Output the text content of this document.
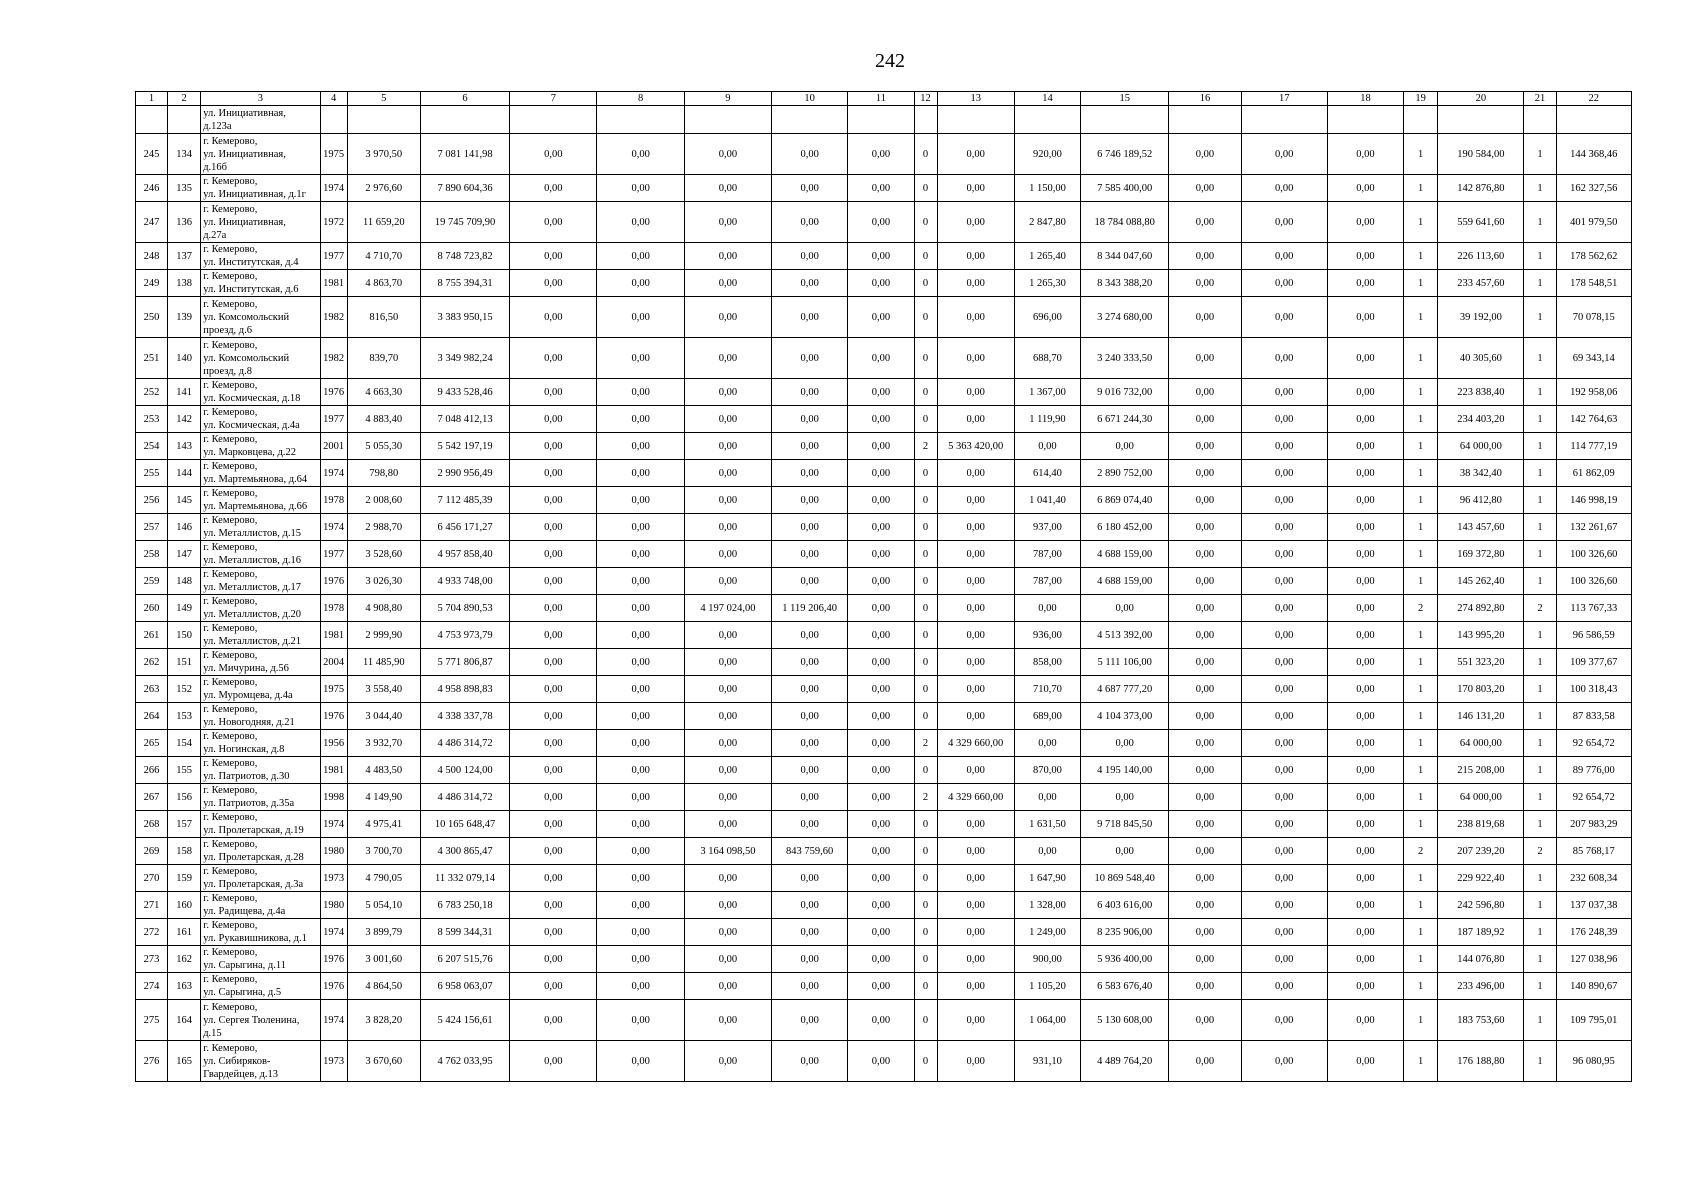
242
1	2	3	4	5	6	7	8	9	10	11	12	13	14	15	16	17	18	19	20	21	22
		ул. Инициативная,
д.123а																			
245	134	г. Кемерово,
ул. Инициативная,
д.16б	1975	3 970,50	7 081 141,98	0,00	0,00	0,00	0,00	0,00	0	0,00	920,00	6 746 189,52	0,00	0,00	0,00	1	190 584,00	1	144 368,46
246	135	г. Кемерово,
ул. Инициативная, д.1г	1974	2 976,60	7 890 604,36	0,00	0,00	0,00	0,00	0,00	0	0,00	1 150,00	7 585 400,00	0,00	0,00	0,00	1	142 876,80	1	162 327,56
247	136	г. Кемерово,
ул. Инициативная,
д.27а	1972	11 659,20	19 745 709,90	0,00	0,00	0,00	0,00	0,00	0	0,00	2 847,80	18 784 088,80	0,00	0,00	0,00	1	559 641,60	1	401 979,50
248	137	г. Кемерово,
ул. Институтская, д.4	1977	4 710,70	8 748 723,82	0,00	0,00	0,00	0,00	0,00	0	0,00	1 265,40	8 344 047,60	0,00	0,00	0,00	1	226 113,60	1	178 562,62
249	138	г. Кемерово,
ул. Институтская, д.6	1981	4 863,70	8 755 394,31	0,00	0,00	0,00	0,00	0,00	0	0,00	1 265,30	8 343 388,20	0,00	0,00	0,00	1	233 457,60	1	178 548,51
250	139	г. Кемерово,
ул. Комсомольский
проезд, д.6	1982	816,50	3 383 950,15	0,00	0,00	0,00	0,00	0,00	0	0,00	696,00	3 274 680,00	0,00	0,00	0,00	1	39 192,00	1	70 078,15
251	140	г. Кемерово,
ул. Комсомольский
проезд, д.8	1982	839,70	3 349 982,24	0,00	0,00	0,00	0,00	0,00	0	0,00	688,70	3 240 333,50	0,00	0,00	0,00	1	40 305,60	1	69 343,14
252	141	г. Кемерово,
ул. Космическая, д.18	1976	4 663,30	9 433 528,46	0,00	0,00	0,00	0,00	0,00	0	0,00	1 367,00	9 016 732,00	0,00	0,00	0,00	1	223 838,40	1	192 958,06
253	142	г. Кемерово,
ул. Космическая, д.4а	1977	4 883,40	7 048 412,13	0,00	0,00	0,00	0,00	0,00	0	0,00	1 119,90	6 671 244,30	0,00	0,00	0,00	1	234 403,20	1	142 764,63
254	143	г. Кемерово,
ул. Марковцева, д.22	2001	5 055,30	5 542 197,19	0,00	0,00	0,00	0,00	0,00	2	5 363 420,00	0,00	0,00	0,00	0,00	0,00	1	64 000,00	1	114 777,19
255	144	г. Кемерово,
ул. Мартемьянова, д.64	1974	798,80	2 990 956,49	0,00	0,00	0,00	0,00	0,00	0	0,00	614,40	2 890 752,00	0,00	0,00	0,00	1	38 342,40	1	61 862,09
256	145	г. Кемерово,
ул. Мартемьянова, д.66	1978	2 008,60	7 112 485,39	0,00	0,00	0,00	0,00	0,00	0	0,00	1 041,40	6 869 074,40	0,00	0,00	0,00	1	96 412,80	1	146 998,19
257	146	г. Кемерово,
ул. Металлистов, д.15	1974	2 988,70	6 456 171,27	0,00	0,00	0,00	0,00	0,00	0	0,00	937,00	6 180 452,00	0,00	0,00	0,00	1	143 457,60	1	132 261,67
258	147	г. Кемерово,
ул. Металлистов, д.16	1977	3 528,60	4 957 858,40	0,00	0,00	0,00	0,00	0,00	0	0,00	787,00	4 688 159,00	0,00	0,00	0,00	1	169 372,80	1	100 326,60
259	148	г. Кемерово,
ул. Металлистов, д.17	1976	3 026,30	4 933 748,00	0,00	0,00	0,00	0,00	0,00	0	0,00	787,00	4 688 159,00	0,00	0,00	0,00	1	145 262,40	1	100 326,60
260	149	г. Кемерово,
ул. Металлистов, д.20	1978	4 908,80	5 704 890,53	0,00	0,00	4 197 024,00	1 119 206,40	0,00	0	0,00	0,00	0,00	0,00	0,00	0,00	2	274 892,80	2	113 767,33
261	150	г. Кемерово,
ул. Металлистов, д.21	1981	2 999,90	4 753 973,79	0,00	0,00	0,00	0,00	0,00	0	0,00	936,00	4 513 392,00	0,00	0,00	0,00	1	143 995,20	1	96 586,59
262	151	г. Кемерово,
ул. Мичурина, д.56	2004	11 485,90	5 771 806,87	0,00	0,00	0,00	0,00	0,00	0	0,00	858,00	5 111 106,00	0,00	0,00	0,00	1	551 323,20	1	109 377,67
263	152	г. Кемерово,
ул. Муромцева, д.4а	1975	3 558,40	4 958 898,83	0,00	0,00	0,00	0,00	0,00	0	0,00	710,70	4 687 777,20	0,00	0,00	0,00	1	170 803,20	1	100 318,43
264	153	г. Кемерово,
ул. Новогодняя, д.21	1976	3 044,40	4 338 337,78	0,00	0,00	0,00	0,00	0,00	0	0,00	689,00	4 104 373,00	0,00	0,00	0,00	1	146 131,20	1	87 833,58
265	154	г. Кемерово,
ул. Ногинская, д.8	1956	3 932,70	4 486 314,72	0,00	0,00	0,00	0,00	0,00	2	4 329 660,00	0,00	0,00	0,00	0,00	0,00	1	64 000,00	1	92 654,72
266	155	г. Кемерово,
ул. Патриотов, д.30	1981	4 483,50	4 500 124,00	0,00	0,00	0,00	0,00	0,00	0	0,00	870,00	4 195 140,00	0,00	0,00	0,00	1	215 208,00	1	89 776,00
267	156	г. Кемерово,
ул. Патриотов, д.35а	1998	4 149,90	4 486 314,72	0,00	0,00	0,00	0,00	0,00	2	4 329 660,00	0,00	0,00	0,00	0,00	0,00	1	64 000,00	1	92 654,72
268	157	г. Кемерово,
ул. Пролетарская, д.19	1974	4 975,41	10 165 648,47	0,00	0,00	0,00	0,00	0,00	0	0,00	1 631,50	9 718 845,50	0,00	0,00	0,00	1	238 819,68	1	207 983,29
269	158	г. Кемерово,
ул. Пролетарская, д.28	1980	3 700,70	4 300 865,47	0,00	0,00	3 164 098,50	843 759,60	0,00	0	0,00	0,00	0,00	0,00	0,00	0,00	2	207 239,20	2	85 768,17
270	159	г. Кемерово,
ул. Пролетарская, д.3а	1973	4 790,05	11 332 079,14	0,00	0,00	0,00	0,00	0,00	0	0,00	1 647,90	10 869 548,40	0,00	0,00	0,00	1	229 922,40	1	232 608,34
271	160	г. Кемерово,
ул. Радищева, д.4а	1980	5 054,10	6 783 250,18	0,00	0,00	0,00	0,00	0,00	0	0,00	1 328,00	6 403 616,00	0,00	0,00	0,00	1	242 596,80	1	137 037,38
272	161	г. Кемерово,
ул. Рукавишникова, д.1	1974	3 899,79	8 599 344,31	0,00	0,00	0,00	0,00	0,00	0	0,00	1 249,00	8 235 906,00	0,00	0,00	0,00	1	187 189,92	1	176 248,39
273	162	г. Кемерово,
ул. Сарыгина, д.11	1976	3 001,60	6 207 515,76	0,00	0,00	0,00	0,00	0,00	0	0,00	900,00	5 936 400,00	0,00	0,00	0,00	1	144 076,80	1	127 038,96
274	163	г. Кемерово,
ул. Сарыгина, д.5	1976	4 864,50	6 958 063,07	0,00	0,00	0,00	0,00	0,00	0	0,00	1 105,20	6 583 676,40	0,00	0,00	0,00	1	233 496,00	1	140 890,67
275	164	г. Кемерово,
ул. Сергея Тюленина,
д.15	1974	3 828,20	5 424 156,61	0,00	0,00	0,00	0,00	0,00	0	0,00	1 064,00	5 130 608,00	0,00	0,00	0,00	1	183 753,60	1	109 795,01
276	165	г. Кемерово,
ул. Сибиряков-
Гвардейцев, д.13	1973	3 670,60	4 762 033,95	0,00	0,00	0,00	0,00	0,00	0	0,00	931,10	4 489 764,20	0,00	0,00	0,00	1	176 188,80	1	96 080,95
